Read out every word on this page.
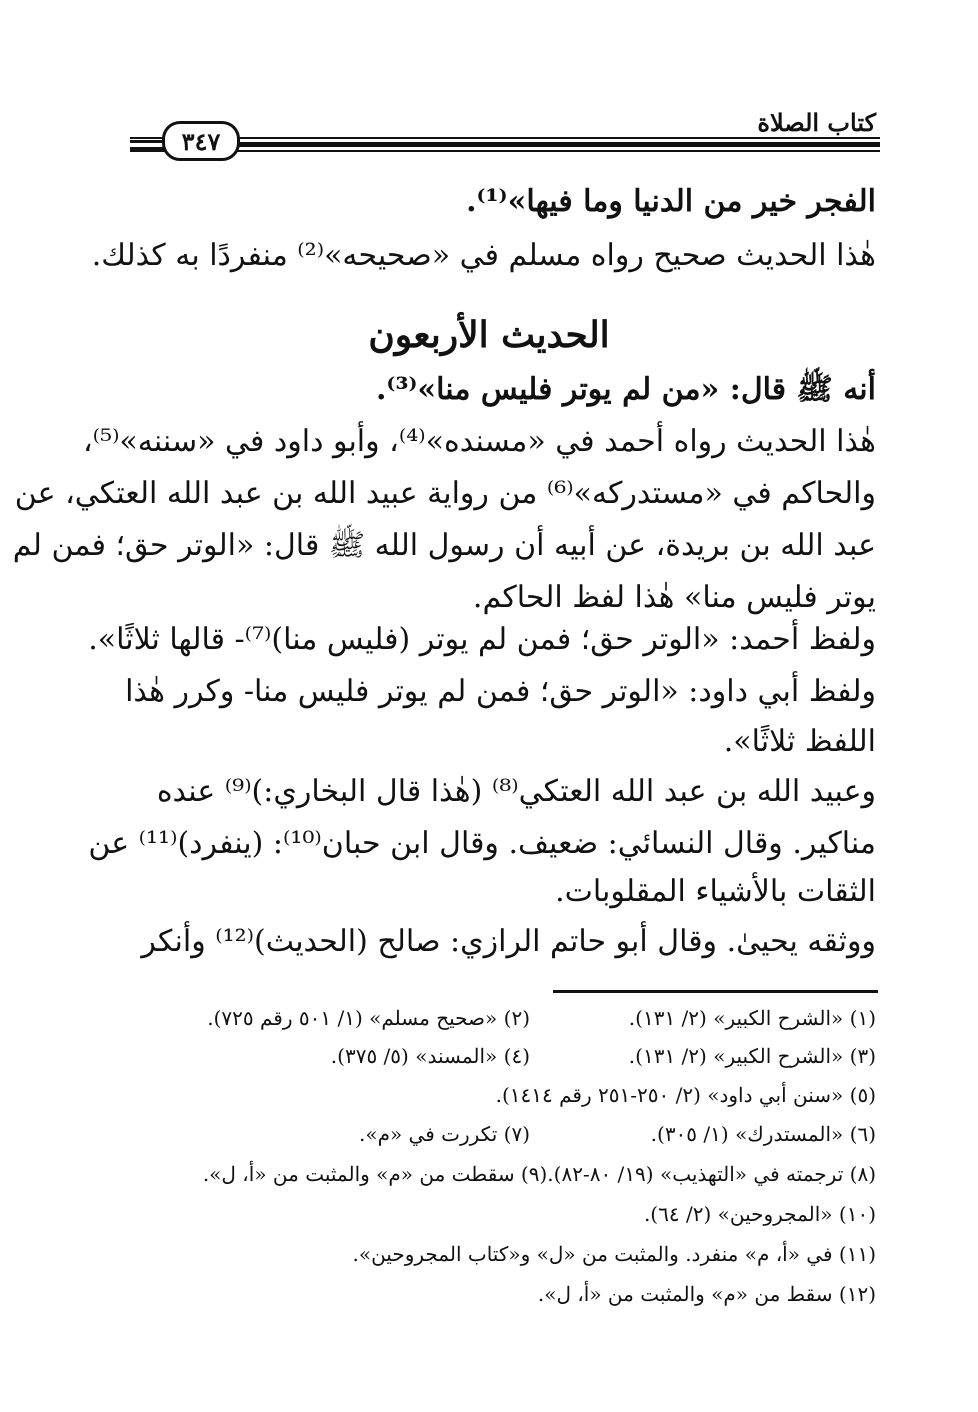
كتاب الصلاة
٣٤٧
الفجر خير من الدنيا وما فيها»⁽¹⁾.
هٰذا الحديث صحيح رواه مسلم في «صحيحه»⁽²⁾ منفردًا به كذلك.
الحديث الأربعون
أنه ﷺ قال: «من لم يوتر فليس منا»⁽³⁾.
هٰذا الحديث رواه أحمد في «مسنده»⁽⁴⁾، وأبو داود في «سننه»⁽⁵⁾،
والحاكم في «مستدركه»⁽⁶⁾ من رواية عبيد الله بن عبد الله العتكي، عن
عبد الله بن بريدة، عن أبيه أن رسول الله ﷺ قال: «الوتر حق؛ فمن لم
يوتر فليس منا» هٰذا لفظ الحاكم.
ولفظ أحمد: «الوتر حق؛ فمن لم يوتر (فليس منا)⁽⁷⁾- قالها ثلاثًا».
ولفظ أبي داود: «الوتر حق؛ فمن لم يوتر فليس منا- وكرر هٰذا
اللفظ ثلاثًا».
وعبيد الله بن عبد الله العتكي⁽⁸⁾ (هٰذا قال البخاري:)⁽⁹⁾ عنده
مناكير. وقال النسائي: ضعيف. وقال ابن حبان⁽¹⁰⁾: (ينفرد)⁽¹¹⁾ عن
الثقات بالأشياء المقلوبات.
ووثقه يحيىٰ. وقال أبو حاتم الرازي: صالح (الحديث)⁽¹²⁾ وأنكر
(١) «الشرح الكبير» (٢/ ١٣١).
(٢) «صحيح مسلم» (١/ ٥٠١ رقم ٧٢٥).
(٣) «الشرح الكبير» (٢/ ١٣١).
(٤) «المسند» (٥/ ٣٧٥).
(٥) «سنن أبي داود» (٢/ ٢٥٠-٢٥١ رقم ١٤١٤).
(٦) «المستدرك» (١/ ٣٠٥).
(٧) تكررت في «م».
(٨) ترجمته في «التهذيب» (١٩/ ٨٠-٨٢).(٩) سقطت من «م» والمثبت من «أ، ل».
(١٠) «المجروحين» (٢/ ٦٤).
(١١) في «أ، م» منفرد. والمثبت من «ل» و«كتاب المجروحين».
(١٢) سقط من «م» والمثبت من «أ، ل».
